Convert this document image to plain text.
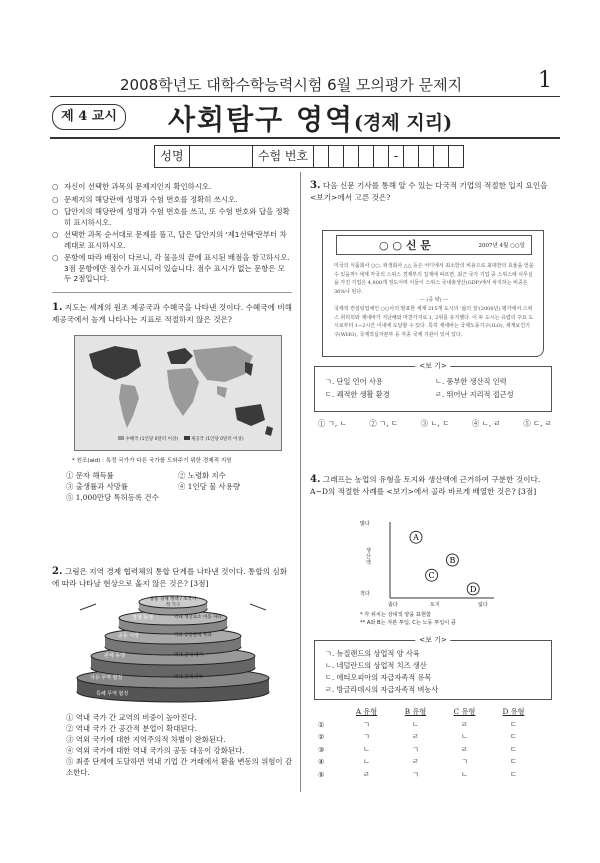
2008학년도 대학수학능력시험 6월 모의평가 문제지	1
제 4 교시	사회탐구 영역(경제 지리)
성명	수험 번호	-
○ 자신이 선택한 과목의 문제지인지 확인하시오.
○ 문제지의 해당란에 성명과 수험 번호를 정확히 쓰시오.
○ 답안지의 해당란에 성명과 수험 번호를 쓰고, 또 수험 번호와 답을 정확히 표시하시오.
○ 선택한 과목 순서대로 문제를 풀고, 답은 답안지의 '제1선택'란부터 차례대로 표시하시오.
○ 문항에 따라 배점이 다르니, 각 물음의 끝에 표시된 배점을 참고하시오. 3점 문항에만 점수가 표시되어 있습니다. 점수 표시가 없는 문항은 모두 2점입니다.
1. 지도는 세계의 원조 제공국과 수혜국을 나타낸 것이다. 수혜국에 비해 제공국에서 높게 나타나는 지표로 적절하지 않은 것은?
수혜국 (1인당 0달러 이상)	제공국 (1인당 0달러 이상)
* 원조(aid) : 특정 국가가 다른 국가를 도와주기 위한 경제적 지원
① 문자 해득률	② 노령화 지수
③ 출생률과 사망률	④ 1인당 물 사용량
⑤ 1,000만당 특허등록 건수
2. 그림은 지역 경제 협력체의 통합 단계를 나타낸 것이다. 통합의 심화에 따라 나타날 현상으로 옳지 않은 것은? [3점]
공동 경제 정책 / 초국가적 기구
경제 동맹	역내 생산요소 이동 자유
공동 시장	역외 공동관세 부과
관세 동맹	역내 관세 폐지
자유 무역 협정	역내 관세 인하
특혜 무역 협정
① 역내 국가 간 교역의 비중이 높아진다.
② 역내 국가 간 공간적 분업이 확대된다.
③ 역외 국가에 대한 지역주의적 차별이 완화된다.
④ 역외 국가에 대한 역내 국가의 공동 대응이 강화된다.
⑤ 최종 단계에 도달하면 역내 기업 간 거래에서 환율 변동의 위험이 감소한다.
3. 다음 신문 기사를 통해 알 수 있는 다국적 기업의 적절한 입지 요인을 <보기>에서 고른 것은?
○ ○ 신 문	2007년 4월 ○○일
미국의 식품회사 ○○, 위생회사 △△ 등은 어디에서 최소한의 비용으로 최대한의 효율을 얻을 수 있을까? 세계 각국의 스위스 경제부의 집계에 따르면, 최근 국가 기업 중 스위스에 사무실을 가진 기업은 4,800개 정도이며 이들이 스위스 국내총생산(GDP)에서 차지하는 비중은 36%나 된다.
— (중 략) —
국제적 컨설팅업체인 ○○사의 발표한 세계 215개 도시의 '삶의 질'(2006년) 평가에서 스위스 취리히와 제네바가 지난해와 마찬가지로 1, 2위를 유지했다. 이 두 도시는 유럽의 주요 도시로부터 1∼2시간 이내에 도달할 수 있다. 특히 제네바는 국제노동기구(ILO), 세계보건기구(WHO), 국제적십자본부 등 각종 국제 기관이 있어 있다.
<보 기>
ㄱ. 단일 언어 사용	ㄴ. 풍부한 생산직 인력
ㄷ. 쾌적한 생활 환경	ㄹ. 뛰어난 지리적 접근성
① ㄱ, ㄴ	② ㄱ, ㄷ	③ ㄴ, ㄷ	④ ㄴ, ㄹ	⑤ ㄷ, ㄹ
4. 그래프는 농업의 유형을 토지와 생산액에 근거하여 구분한 것이다. A∼D의 적절한 사례를 <보기>에서 골라 바르게 배열한 것은? [3점]
A
B
C
D
많다
생산액
적다
좁다	토지	넓다
* 각 위치는 상대적 양을 표현함
** A와 B는 자본 투입, C는 노동 투입이 큼
<보 기>
ㄱ. 뉴질랜드의 상업적 양 사육
ㄴ. 네덜란드의 상업적 치즈 생산
ㄷ. 에티오피아의 자급자족적 유목
ㄹ. 방글라데시의 자급자족적 벼농사
A 유형	B 유형	C 유형	D 유형
①	ㄱ	ㄴ	ㄹ	ㄷ
②	ㄱ	ㄹ	ㄴ	ㄷ
③	ㄴ	ㄱ	ㄹ	ㄷ
④	ㄴ	ㄹ	ㄱ	ㄷ
⑤	ㄹ	ㄱ	ㄴ	ㄷ
